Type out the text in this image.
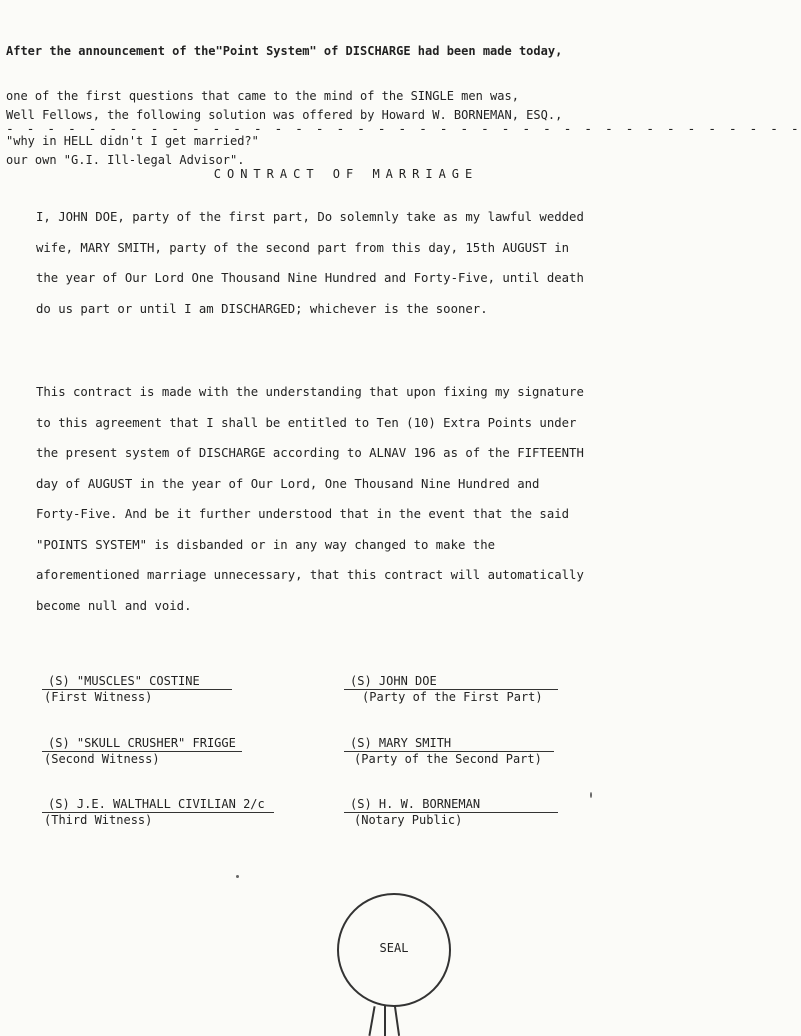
After the announcement of the"Point System" of DISCHARGE had been made today,

one of the first questions that came to the mind of the SINGLE men was,

"why in HELL didn't I get married?"

Well Fellows, the following solution was offered by Howard W. BORNEMAN, ESQ.,

our own "G.I. Ill-legal Advisor".

- - - - - - - - - - - - - - - - - - - - - - - - - - - - - - - - - - - - - - -
CONTRACT OF MARRIAGE

I, JOHN DOE, party of the first part, Do solemnly take as my lawful wedded wife, MARY SMITH, party of the second part from this day, 15th AUGUST in the year of Our Lord One Thousand Nine Hundred and Forty-Five, until death do us part or until I am DISCHARGED; whichever is the sooner.

This contract is made with the understanding that upon fixing my signature to this agreement that I shall be entitled to Ten (10) Extra Points under the present system of DISCHARGE according to ALNAV 196 as of the FIFTEENTH day of AUGUST in the year of Our Lord, One Thousand Nine Hundred and Forty-Five. And be it further understood that in the event that the said "POINTS SYSTEM" is disbanded or in any way changed to make the aforementioned marriage unnecessary, that this contract will automatically become null and void.

(S) "MUSCLES" COSTINE
(First Witness)
(S) "SKULL CRUSHER" FRIGGE
(Second Witness)
(S) J.E. WALTHALL CIVILIAN 2/c
(Third Witness)
(S) JOHN DOE
(Party of the First Part)
(S) MARY SMITH
(Party of the Second Part)
(S) H. W. BORNEMAN
(Notary Public)
SEAL
